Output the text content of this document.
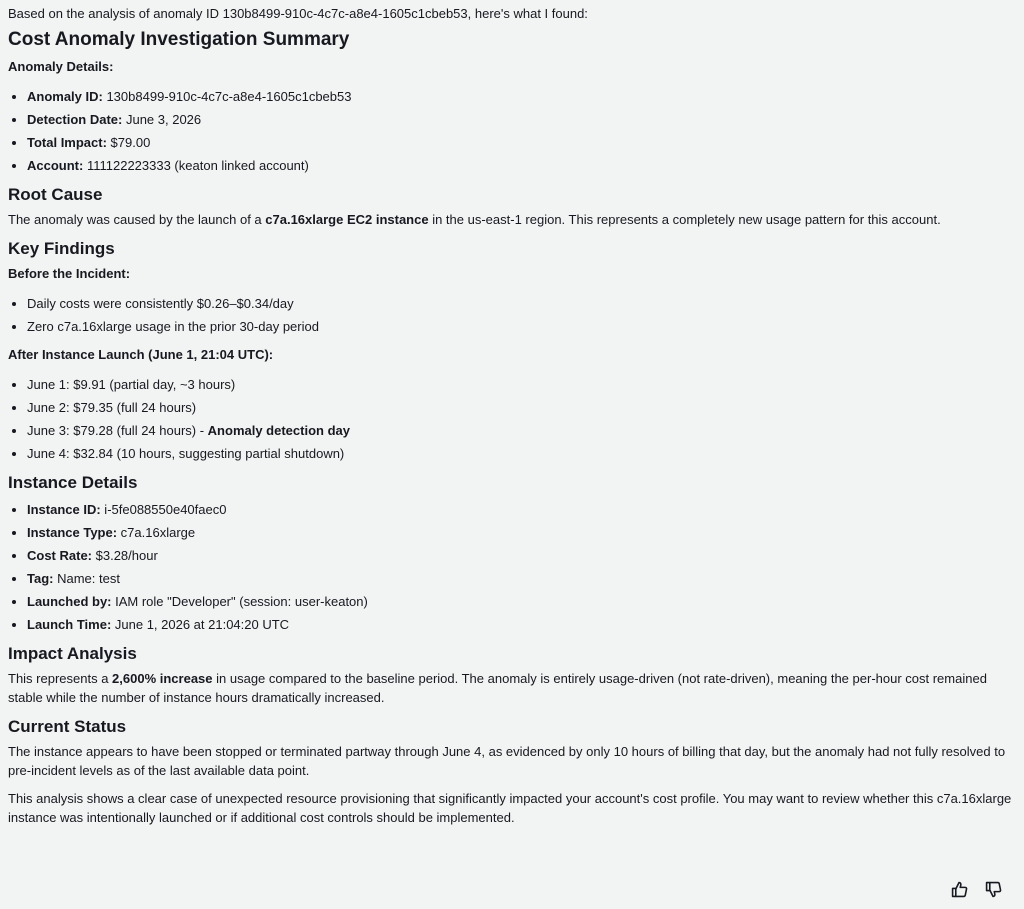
Based on the analysis of anomaly ID 130b8499-910c-4c7c-a8e4-1605c1cbeb53, here's what I found:

Cost Anomaly Investigation Summary

Anomaly Details:

• Anomaly ID: 130b8499-910c-4c7c-a8e4-1605c1cbeb53
• Detection Date: June 3, 2026
• Total Impact: $79.00
• Account: 111122223333 (keaton linked account)
Root Cause

The anomaly was caused by the launch of a c7a.16xlarge EC2 instance in the us-east-1 region. This represents a completely new usage pattern for this account.

Key Findings

Before the Incident:

• Daily costs were consistently $0.26–$0.34/day
• Zero c7a.16xlarge usage in the prior 30-day period

After Instance Launch (June 1, 21:04 UTC):

• June 1: $9.91 (partial day, ~3 hours)
• June 2: $79.35 (full 24 hours)
• June 3: $79.28 (full 24 hours) - Anomaly detection day
• June 4: $32.84 (10 hours, suggesting partial shutdown)
Instance Details
• Instance ID: i-5fe088550e40faec0
• Instance Type: c7a.16xlarge
• Cost Rate: $3.28/hour
• Tag: Name: test
• Launched by: IAM role "Developer" (session: user-keaton)
• Launch Time: June 1, 2026 at 21:04:20 UTC
Impact Analysis

This represents a 2,600% increase in usage compared to the baseline period. The anomaly is entirely usage-driven (not rate-driven), meaning the per-hour cost remained stable while the number of instance hours dramatically increased.

Current Status

The instance appears to have been stopped or terminated partway through June 4, as evidenced by only 10 hours of billing that day, but the anomaly had not fully resolved to pre-incident levels as of the last available data point.

This analysis shows a clear case of unexpected resource provisioning that significantly impacted your account's cost profile. You may want to review whether this c7a.16xlarge instance was intentionally launched or if additional cost controls should be implemented.
